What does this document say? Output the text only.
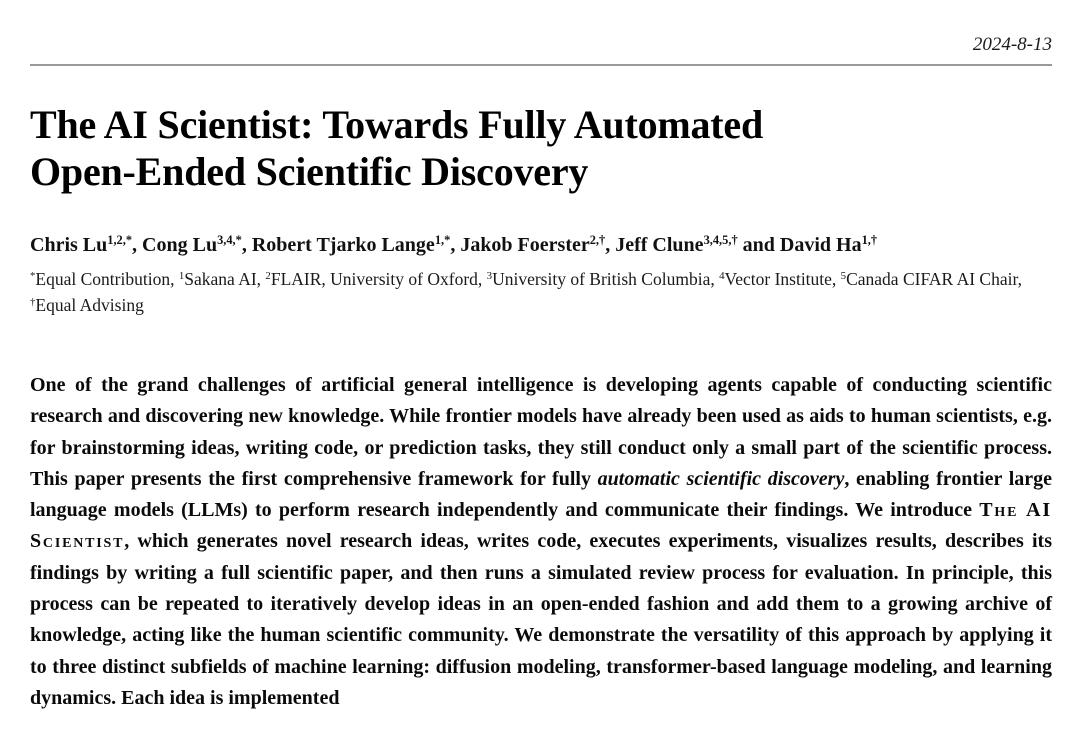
2024-8-13
The AI Scientist: Towards Fully Automated
Open-Ended Scientific Discovery
Chris $Lu^{1,2,*}$, Cong $Lu^{3,4,*}$, Robert Tjarko Lange$^{1,*}$, Jakob Foerster$^{2,\dagger}$, Jeff Clune$^{3,4,5,\dagger}$ and David $Ha^{1,\dagger}$
*Equal Contribution, $^1$Sakana AI, $^2$FLAIR, University of Oxford, $^3$University of British Columbia, $^4$Vector Institute, $^5$Canada CIFAR AI Chair, †Equal Advising

One of the grand challenges of artificial general intelligence is developing agents capable of conducting scientific research and discovering new knowledge. While frontier models have already been used as aids to human scientists, e.g. for brainstorming ideas, writing code, or prediction tasks, they still conduct only a small part of the scientific process. This paper presents the first comprehensive framework for fully automatic scientific discovery, enabling frontier large language models (LLMs) to perform research independently and communicate their findings. We introduce The AI Scientist, which generates novel research ideas, writes code, executes experiments, visualizes results, describes its findings by writing a full scientific paper, and then runs a simulated review process for evaluation. In principle, this process can be repeated to iteratively develop ideas in an open-ended fashion and add them to a growing archive of knowledge, acting like the human scientific community. We demonstrate the versatility of this approach by applying it to three distinct subfields of machine learning: diffusion modeling, transformer-based language modeling, and learning dynamics. Each idea is implemented
